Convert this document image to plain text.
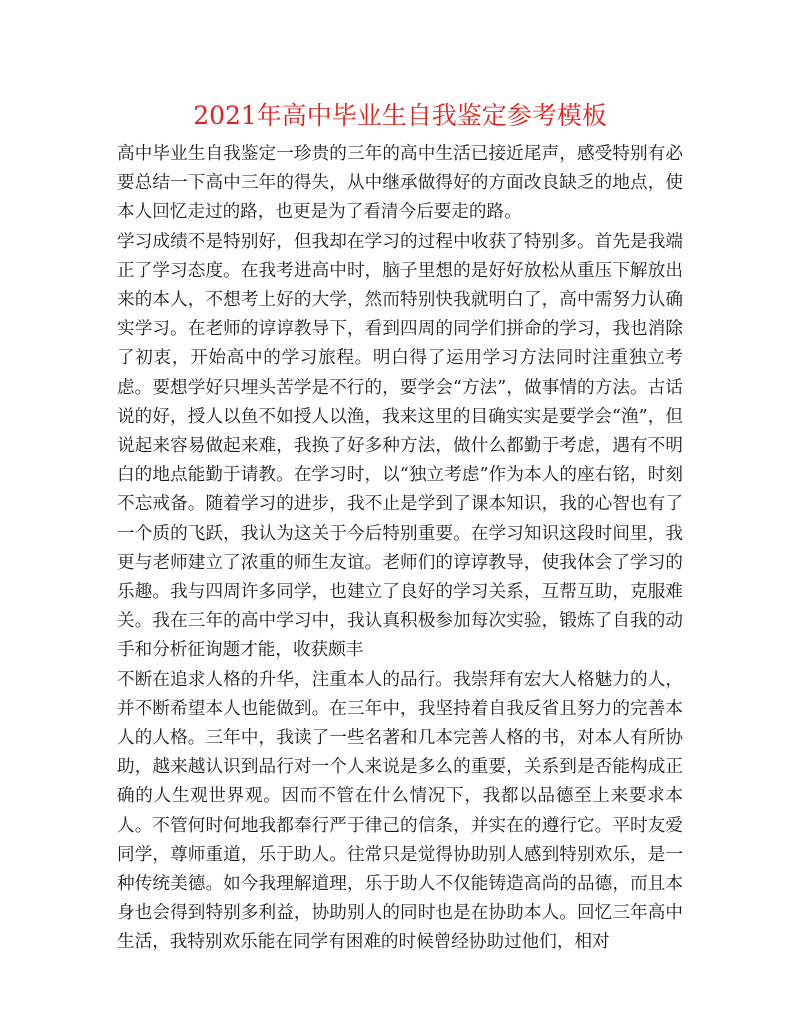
2021年高中毕业生自我鉴定参考模板

高中毕业生自我鉴定一珍贵的三年的高中生活已接近尾声，感受特别有必要总结一下高中三年的得失，从中继承做得好的方面改良缺乏的地点，使本人回忆走过的路，也更是为了看清今后要走的路。

学习成绩不是特别好，但我却在学习的过程中收获了特别多。首先是我端正了学习态度。在我考进高中时，脑子里想的是好好放松从重压下解放出来的本人，不想考上好的大学，然而特别快我就明白了，高中需努力认确实学习。在老师的谆谆教导下，看到四周的同学们拼命的学习，我也消除了初衷，开始高中的学习旅程。明白得了运用学习方法同时注重独立考虑。要想学好只埋头苦学是不行的，要学会“方法”，做事情的方法。古话说的好，授人以鱼不如授人以渔，我来这里的目确实实是要学会“渔”，但说起来容易做起来难，我换了好多种方法，做什么都勤于考虑，遇有不明白的地点能勤于请教。在学习时，以“独立考虑”作为本人的座右铭，时刻不忘戒备。随着学习的进步，我不止是学到了课本知识，我的心智也有了一个质的飞跃，我认为这关于今后特别重要。在学习知识这段时间里，我更与老师建立了浓重的师生友谊。老师们的谆谆教导，使我体会了学习的乐趣。我与四周许多同学，也建立了良好的学习关系，互帮互助，克服难关。我在三年的高中学习中，我认真积极参加每次实验，锻炼了自我的动手和分析征询题才能，收获颇丰

不断在追求人格的升华，注重本人的品行。我崇拜有宏大人格魅力的人，并不断希望本人也能做到。在三年中，我坚持着自我反省且努力的完善本人的人格。三年中，我读了一些名著和几本完善人格的书，对本人有所协助，越来越认识到品行对一个人来说是多么的重要，关系到是否能构成正确的人生观世界观。因而不管在什么情况下，我都以品德至上来要求本人。不管何时何地我都奉行严于律己的信条，并实在的遵行它。平时友爱同学，尊师重道，乐于助人。往常只是觉得协助别人感到特别欢乐，是一种传统美德。如今我理解道理，乐于助人不仅能铸造高尚的品德，而且本身也会得到特别多利益，协助别人的同时也是在协助本人。回忆三年高中生活，我特别欢乐能在同学有困难的时候曾经协助过他们，相对
